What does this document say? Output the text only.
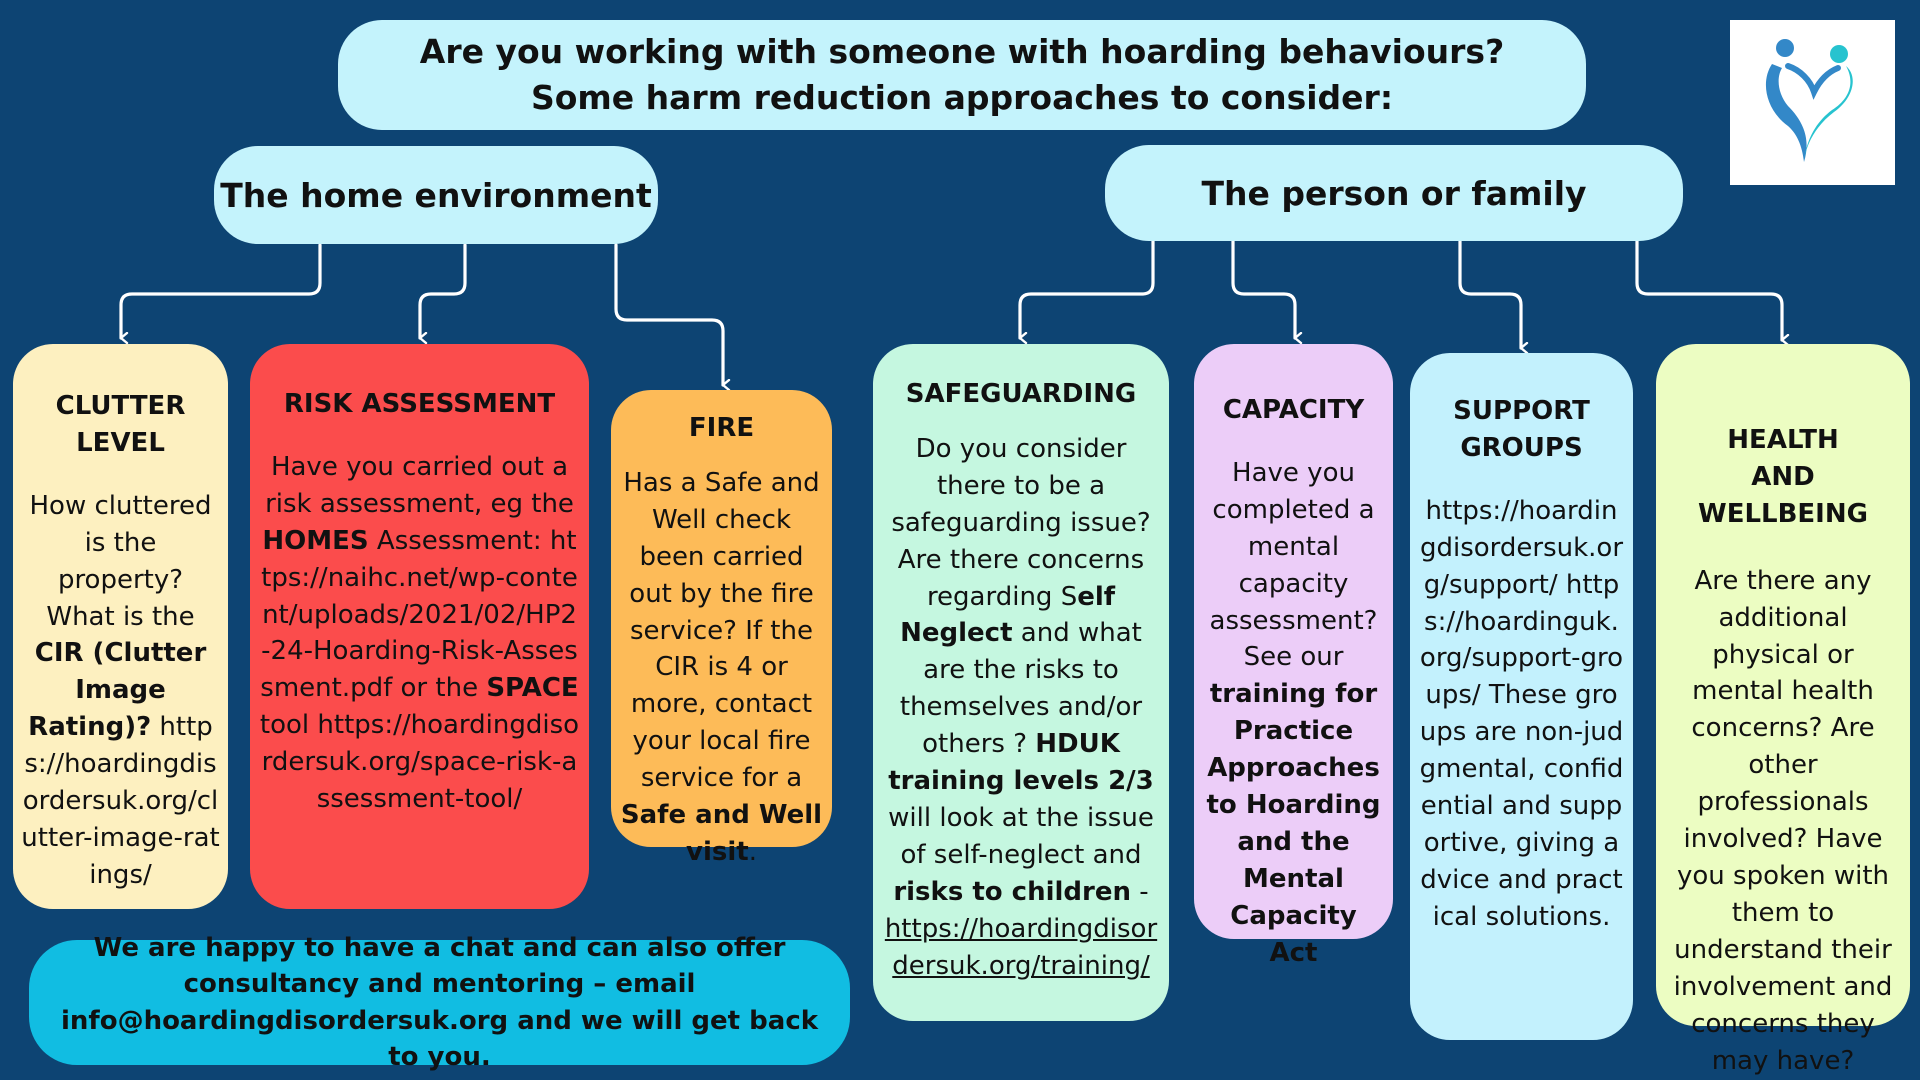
Are you working with someone with hoarding behaviours?
Some harm reduction approaches to consider:
The home environment	The person or family
CLUTTER LEVEL
How cluttered is the property? What is the CIR (Clutter Image Rating)? https://hoardingdisordersuk.org/clutter-image-ratings/
RISK ASSESSMENT
Have you carried out a risk assessment, eg the HOMES Assessment: https://naihc.net/wp-content/uploads/2021/02/HP2-24-Hoarding-Risk-Assessment.pdf or the SPACE tool https://hoardingdisordersuk.org/space-risk-assessment-tool/
FIRE
Has a Safe and Well check been carried out by the fire service? If the CIR is 4 or more, contact your local fire service for a Safe and Well visit.
SAFEGUARDING
Do you consider there to be a safeguarding issue? Are there concerns regarding Self Neglect and what are the risks to themselves and/or others ? HDUK training levels 2/3 will look at the issue of self-neglect and risks to children - https://hoardingdisordersuk.org/training/
CAPACITY
Have you completed a mental capacity assessment? See our training for Practice Approaches to Hoarding and the Mental Capacity Act
SUPPORT GROUPS
https://hoardingdisordersuk.org/support/ https://hoardinguk.org/support-groups/ These groups are non-judgmental, confidential and supportive, giving advice and practical solutions.
HEALTH
AND WELLBEING
Are there any additional physical or mental health concerns? Are other professionals involved? Have you spoken with them to understand their involvement and concerns they may have?
We are happy to have a chat and can also offer consultancy and mentoring – email info@hoardingdisordersuk.org and we will get back to you.
